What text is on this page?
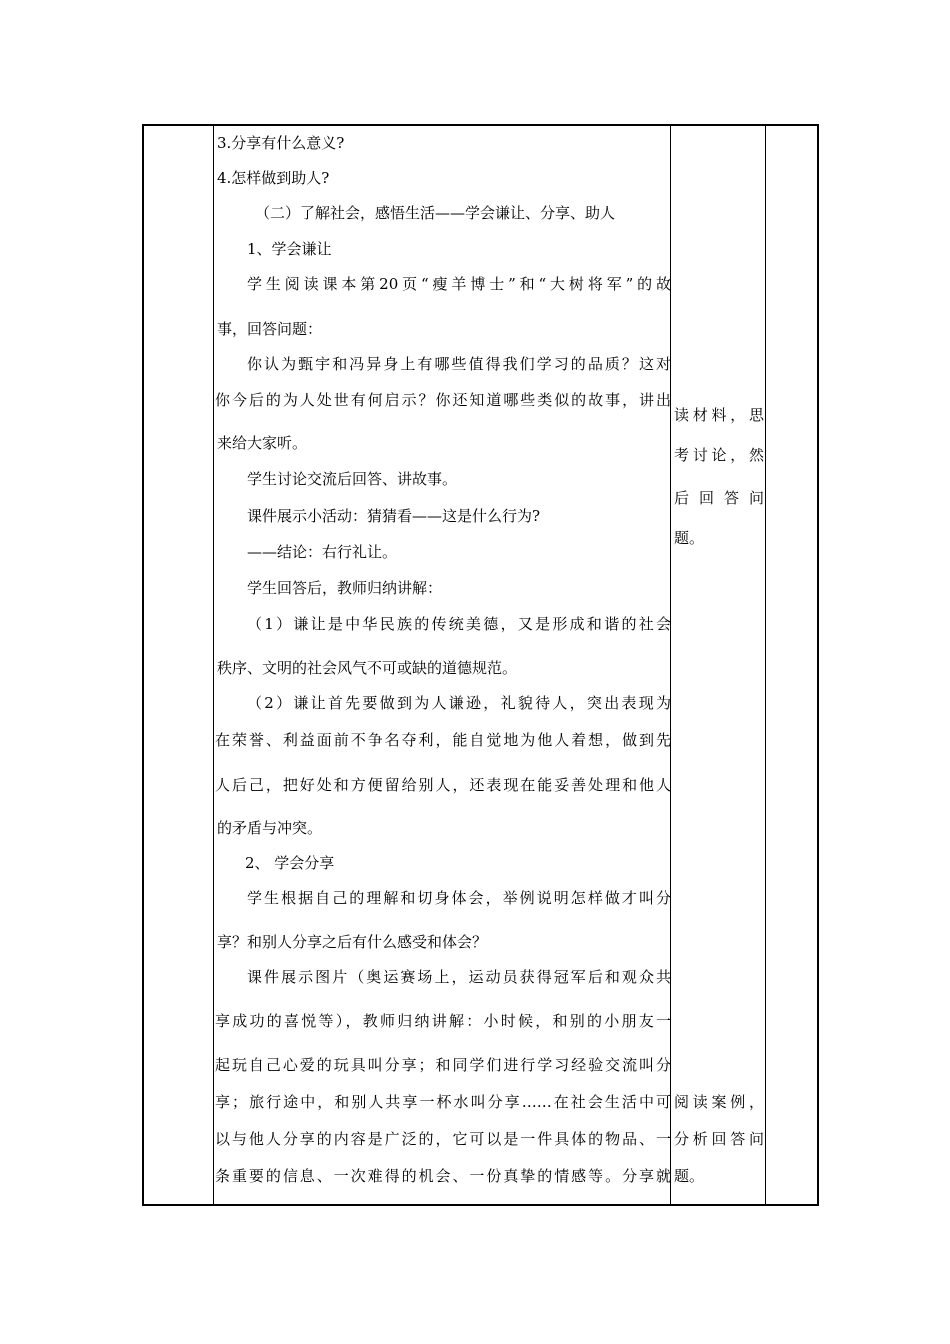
3.分享有什么意义?
4.怎样做到助人?
（二）了解社会，感悟生活——学会谦让、分享、助人
1、学会谦让
学生阅读课本第20页“瘦羊博士”和“大树将军”的故
事，回答问题：
你认为甄宇和冯异身上有哪些值得我们学习的品质？这对
你今后的为人处世有何启示？你还知道哪些类似的故事，讲出
来给大家听。
学生讨论交流后回答、讲故事。
课件展示小活动：猜猜看——这是什么行为?
——结论：右行礼让。
学生回答后，教师归纳讲解：
（1）谦让是中华民族的传统美德，又是形成和谐的社会
秩序、文明的社会风气不可或缺的道德规范。
（2）谦让首先要做到为人谦逊，礼貌待人，突出表现为
在荣誉、利益面前不争名夺利，能自觉地为他人着想，做到先
人后己，把好处和方便留给别人，还表现在能妥善处理和他人
的矛盾与冲突。
2、 学会分享
学生根据自己的理解和切身体会，举例说明怎样做才叫分
享？和别人分享之后有什么感受和体会？
课件展示图片（奥运赛场上，运动员获得冠军后和观众共
享成功的喜悦等），教师归纳讲解：小时候，和别的小朋友一
起玩自己心爱的玩具叫分享；和同学们进行学习经验交流叫分
享；旅行途中，和别人共享一杯水叫分享……在社会生活中可
以与他人分享的内容是广泛的，它可以是一件具体的物品、一
条重要的信息、一次难得的机会、一份真挚的情感等。分享就
读材料，思
考讨论，然
后回答问
题。
阅读案例，
分析回答问
题。
